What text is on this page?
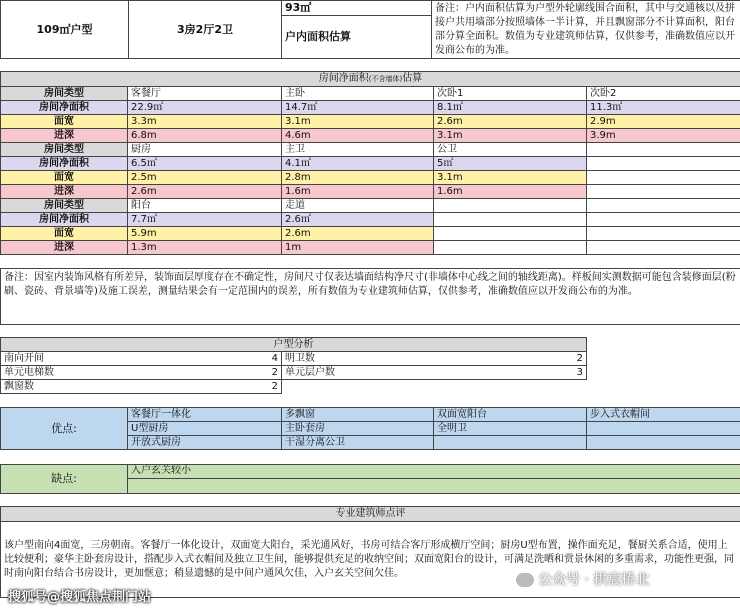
109㎡户型	3房2厅2卫	93㎡	备注：户内面积估算为户型外轮廓线围合面积，其中与交通核以及拼接户共用墙部分按照墙体一半计算，并且飘窗部分不计算面积，阳台部分算全面积。数值为专业建筑师估算，仅供参考，准确数值应以开发商公布的为准。
户内面积估算
房间净面积(不含墙体)估算				
房间类型	客餐厅	主卧	次卧1	次卧2
房间净面积	22.9㎡	14.7㎡	8.1㎡	11.3㎡
面宽	3.3m	3.1m	2.6m	2.9m
进深	6.8m	4.6m	3.1m	3.9m
房间类型	厨房	主卫	公卫	
房间净面积	6.5㎡	4.1㎡	5㎡	
面宽	2.5m	2.8m	3.1m	
进深	2.6m	1.6m	1.6m	
房间类型	阳台	走道		
房间净面积	7.7㎡	2.6㎡		
面宽	5.9m	2.6m		
进深	1.3m	1m		

备注：因室内装饰风格有所差异，装饰面层厚度存在不确定性，房间尺寸仅表达墙面结构净尺寸(非墙体中心线之间的轴线距离)。样板间实测数据可能包含装修面层(粉刷、瓷砖、背景墙等)及施工误差，测量结果会有一定范围内的误差，所有数值为专业建筑师估算，仅供参考，准确数值应以开发商公布的为准。				
户型分析	

南向开间 4	明卫数 2

单元电梯数 2	单元层户数 3

飘窗数 2	

优点:	客餐厅一体化	多飘窗	双面宽阳台	步入式衣帽间
	U型厨房	主卧套房	全明卫	
	开放式厨房	干湿分离公卫		
缺点:	入户玄关较小

专业建筑师点评
该户型南向4面宽，三房朝南。客餐厅一体化设计，双面宽大阳台，采光通风好，书房可结合客厅形成横厅空间；厨房U型布置，操作面充足，餐厨关系合适，使用上比较便利；豪华主卧套房设计，搭配步入式衣帽间及独立卫生间，能够提供充足的收纳空间；双面宽阳台的设计，可满足洗晒和赏景休闲的多重需求，功能性更强，同时南向阳台结合书房设计，更加惬意；稍显遗憾的是中间户通风欠佳，入户玄关空间欠佳。
搜狐号@搜狐焦点荆门站
公众号 · 拱宸桥北
